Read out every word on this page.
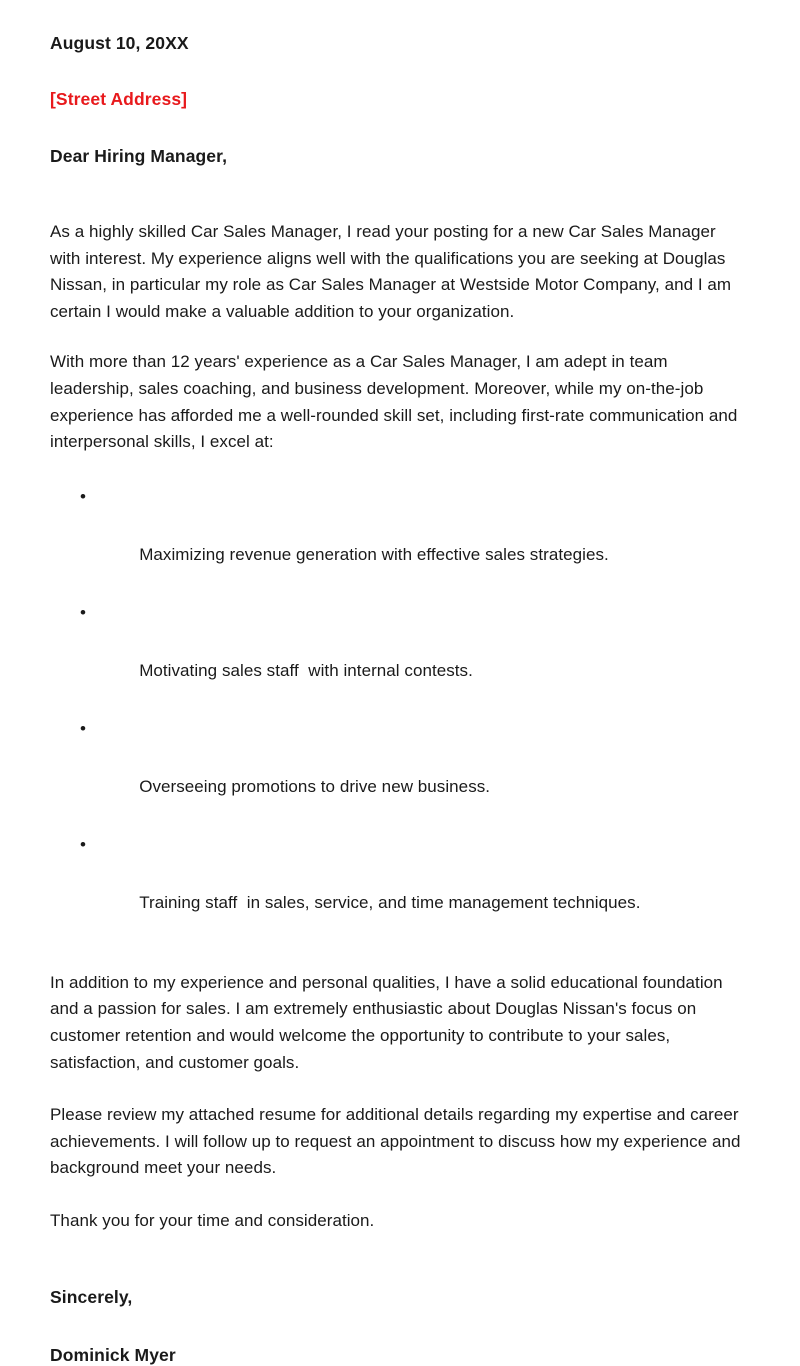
August 10, 20XX

[Street Address]

Dear Hiring Manager,

As a highly skilled Car Sales Manager, I read your posting for a new Car Sales Manager with interest. My experience aligns well with the qualifications you are seeking at Douglas Nissan, in particular my role as Car Sales Manager at Westside Motor Company, and I am certain I would make a valuable addition to your organization.

With more than 12 years' experience as a Car Sales Manager, I am adept in team leadership, sales coaching, and business development. Moreover, while my on-the-job experience has afforded me a well-rounded skill set, including first-rate communication and interpersonal skills, I excel at:

•

Maximizing revenue generation with effective sales strategies.

•

Motivating sales staff  with internal contests.

•

Overseeing promotions to drive new business.

•

Training staff  in sales, service, and time management techniques.

In addition to my experience and personal qualities, I have a solid educational foundation and a passion for sales. I am extremely enthusiastic about Douglas Nissan's focus on customer retention and would welcome the opportunity to contribute to your sales, satisfaction, and customer goals.

Please review my attached resume for additional details regarding my expertise and career achievements. I will follow up to request an appointment to discuss how my experience and background meet your needs.

Thank you for your time and consideration.

Sincerely,

Dominick Myer
